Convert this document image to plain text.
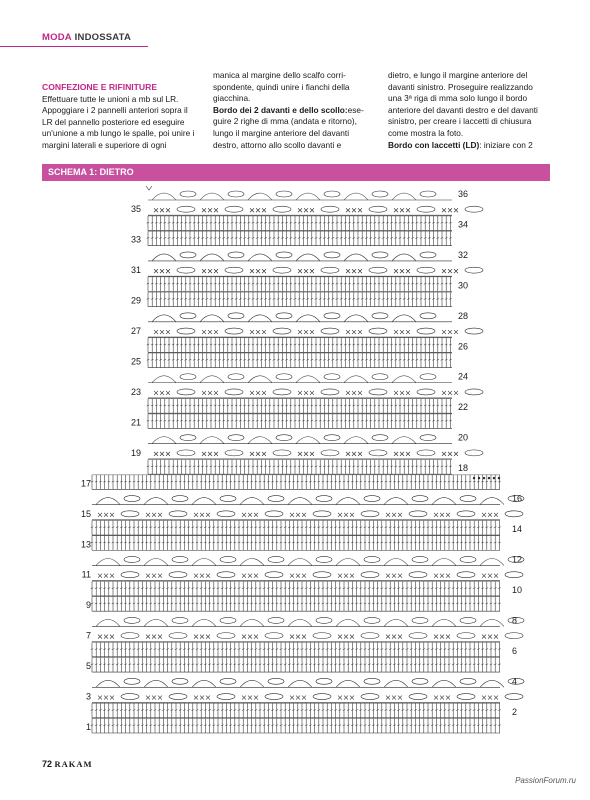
MODA INDOSSATA
CONFEZIONE E RIFINITURE
Effettuare tutte le unioni a mb sul LR.
Appoggiare i 2 pannelli anteriori sopra il
LR del pannello posteriore ed eseguire
un'unione a mb lungo le spalle, poi unire i
margini laterali e superiore di ogni
manica al margine dello scalfo corri-
spondente, quindi unire i fianchi della
giacchina.
Bordo dei 2 davanti e dello scollo:ese-
guire 2 righe di mma (andata e ritorno),
lungo il margine anteriore del davanti
destro, attorno allo scollo davanti e
dietro, e lungo il margine anteriore del
davanti sinistro. Proseguire realizzando
una 3ª riga di mma solo lungo il bordo
anteriore del davanti destro e del davanti
sinistro, per creare i laccetti di chiusura
come mostra la foto.
Bordo con laccetti (LD): iniziare con 2
SCHEMA 1: DIETRO
35
33
31
29
27
25
23
21
19
17
15
13
11
9
7
5
3
1
36
34
32
30
28
26
24
22
20
18
16
14
12
10
8
6
4
2
72 RAKAM
PassionForum.ru
